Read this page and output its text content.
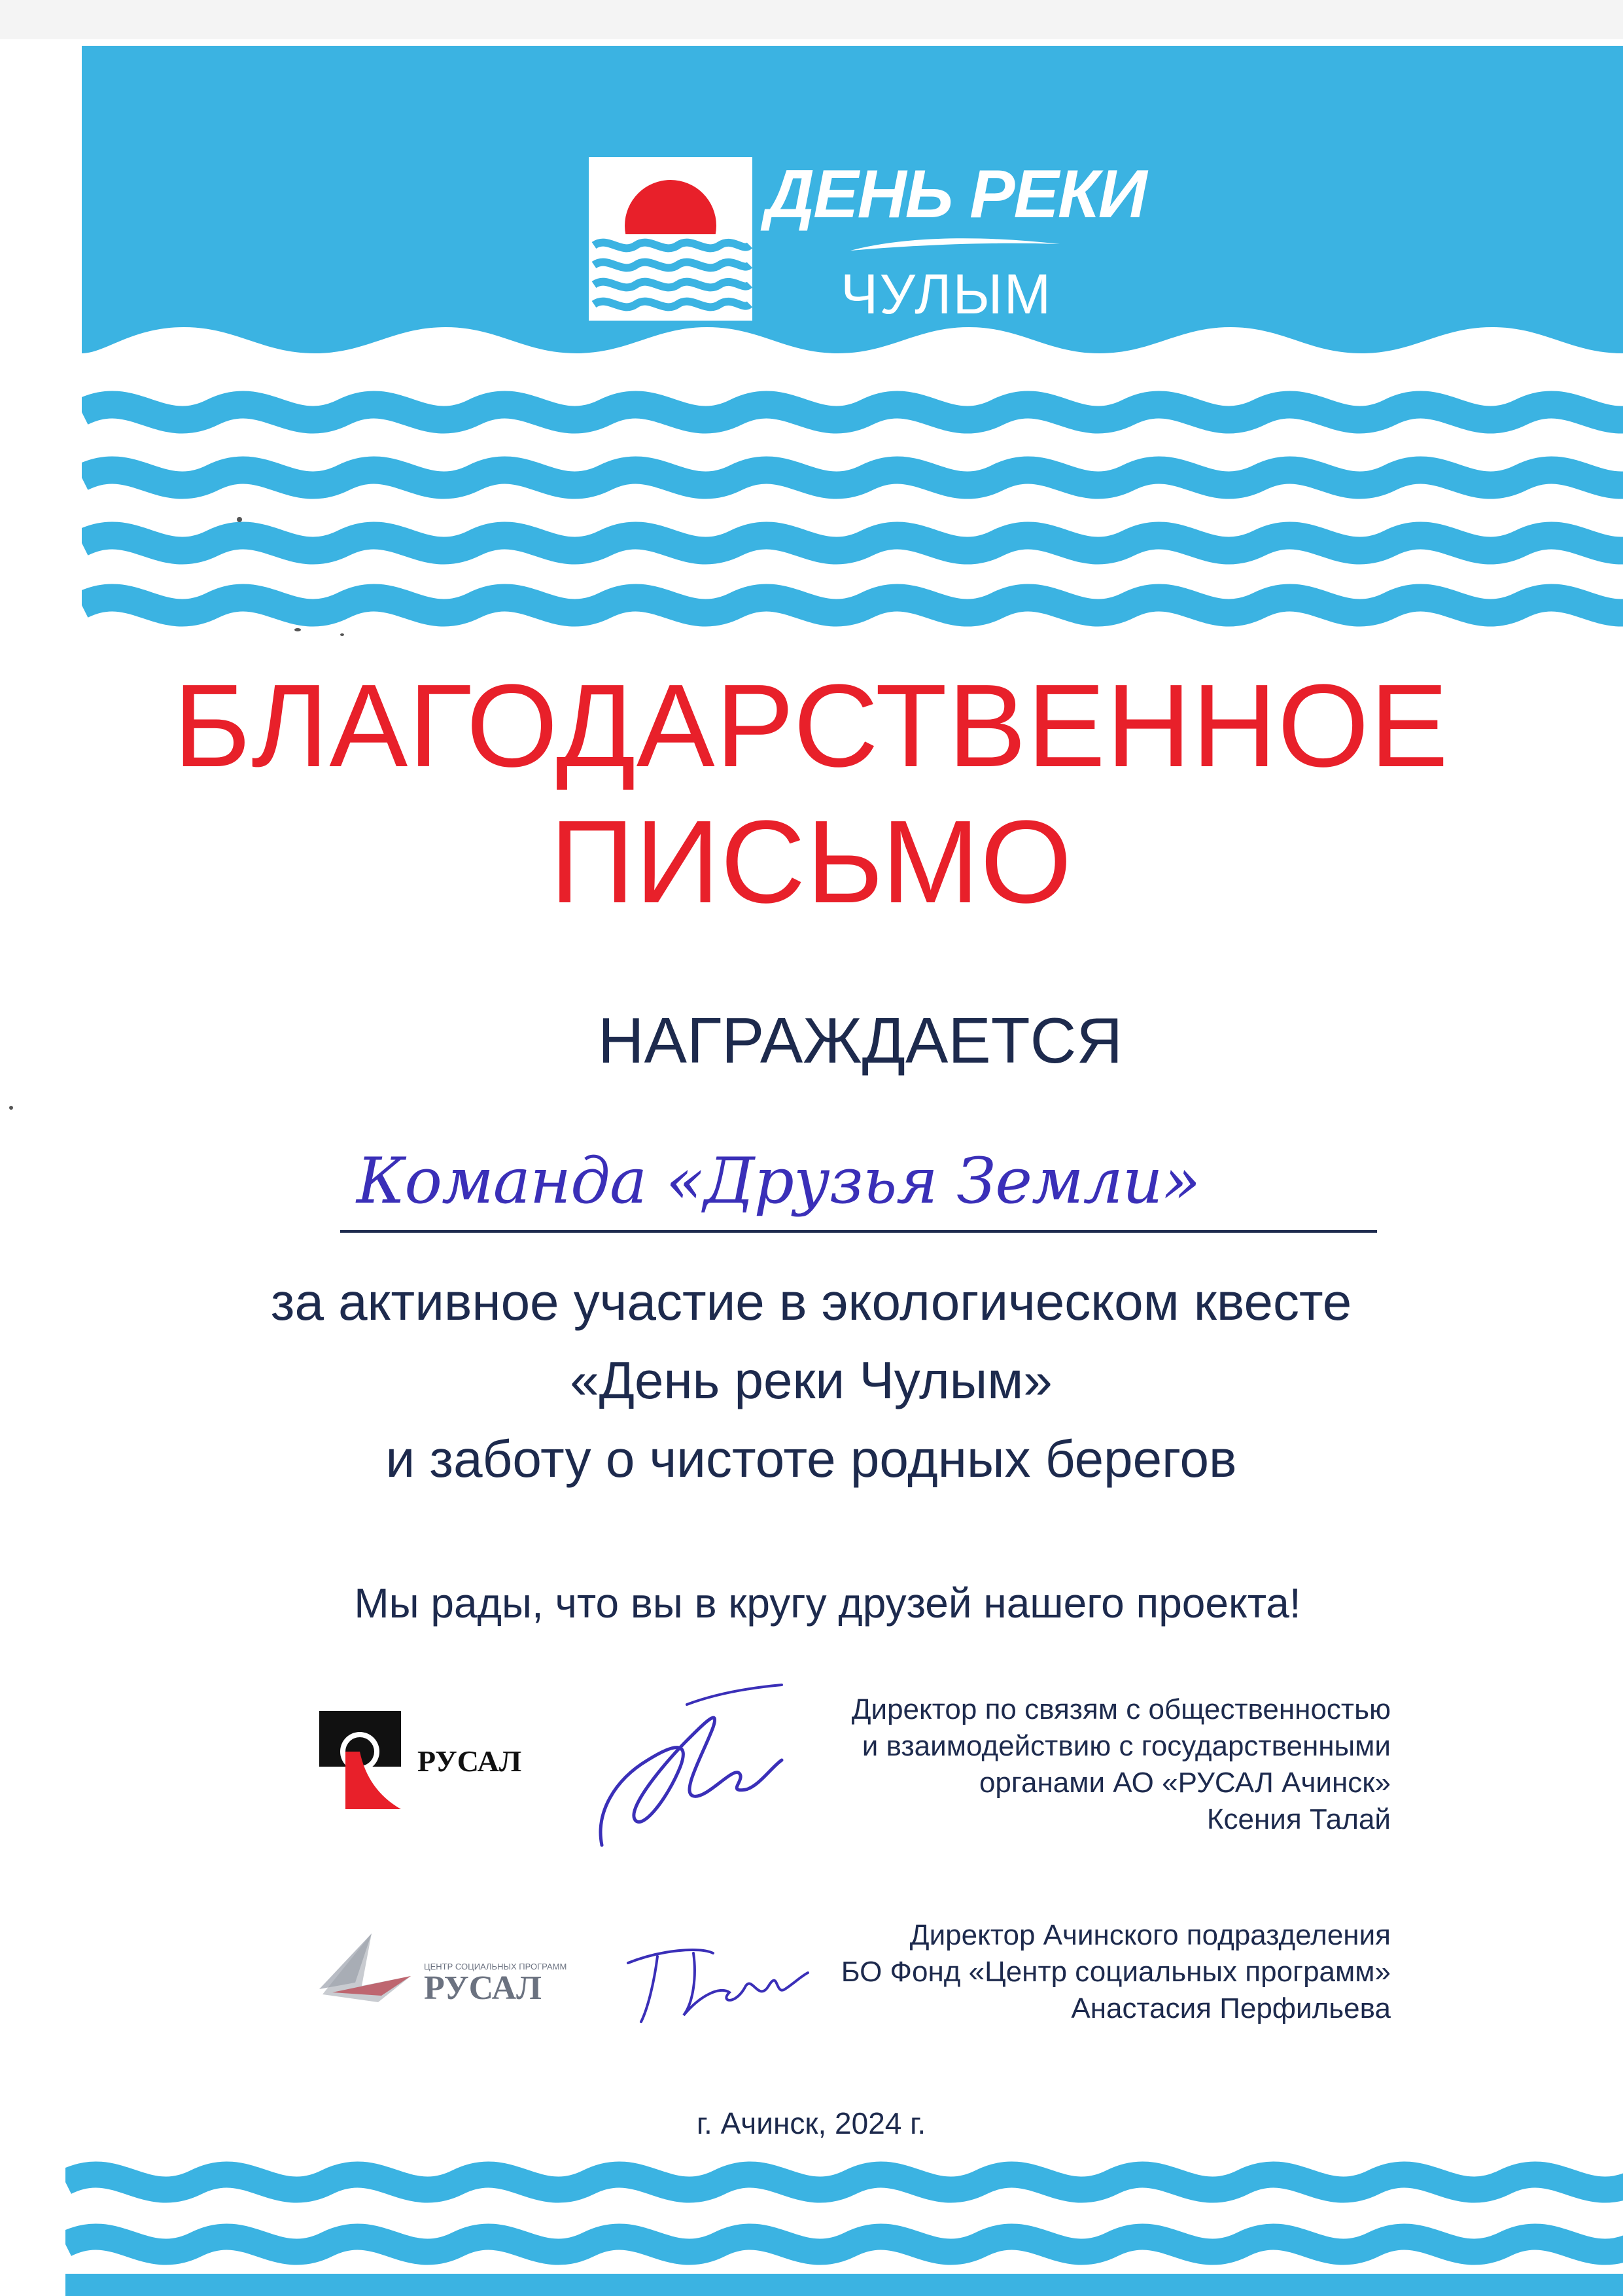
ДЕНЬ РЕКИ
ЧУЛЫМ
БЛАГОДАРСТВЕННОЕ
ПИСЬМО
НАГРАЖДАЕТСЯ
Команда «Друзья Земли»
за активное участие в экологическом квесте
«День реки Чулым»
и заботу о чистоте родных берегов
Мы рады, что вы в кругу друзей нашего проекта!
РУСАЛ
Директор по связям с общественностью
и взаимодействию с государственными
органами АО «РУСАЛ Ачинск»
Ксения Талай
ЦЕНТР СОЦИАЛЬНЫХ ПРОГРАММ
РУСАЛ
Директор Ачинского подразделения
БО Фонд «Центр социальных программ»
Анастасия Перфильева
г. Ачинск, 2024 г.
